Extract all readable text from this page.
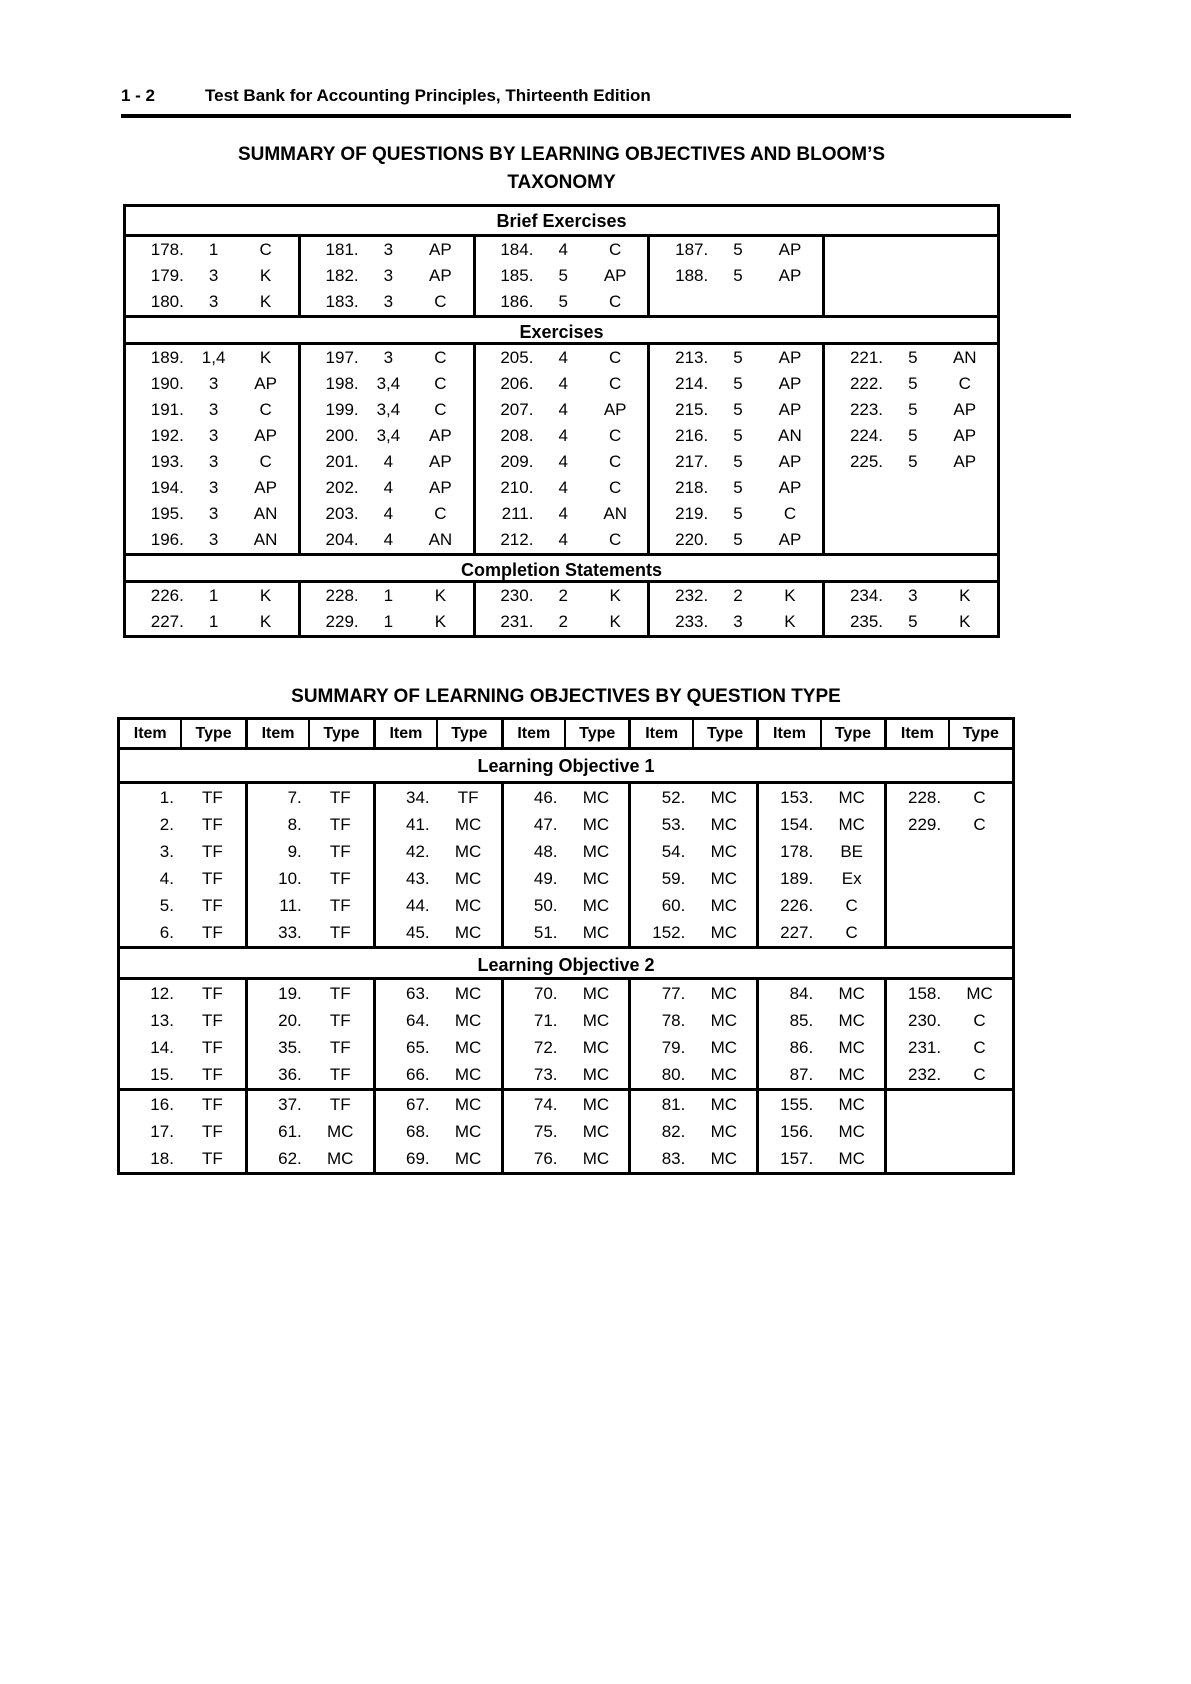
1 - 2	Test Bank for Accounting Principles, Thirteenth Edition
SUMMARY OF QUESTIONS BY LEARNING OBJECTIVES AND BLOOM’S
TAXONOMY
Brief Exercises
178.	1	C	181.	3	AP	184.	4	C	187.	5	AP
179.	3	K	182.	3	AP	185.	5	AP	188.	5	AP
180.	3	K	183.	3	C	186.	5	C
Exercises
189.	1,4	K	197.	3	C	205.	4	C	213.	5	AP	221.	5	AN
190.	3	AP	198.	3,4	C	206.	4	C	214.	5	AP	222.	5	C
191.	3	C	199.	3,4	C	207.	4	AP	215.	5	AP	223.	5	AP
192.	3	AP	200.	3,4	AP	208.	4	C	216.	5	AN	224.	5	AP
193.	3	C	201.	4	AP	209.	4	C	217.	5	AP	225.	5	AP
194.	3	AP	202.	4	AP	210.	4	C	218.	5	AP
195.	3	AN	203.	4	C	211.	4	AN	219.	5	C
196.	3	AN	204.	4	AN	212.	4	C	220.	5	AP
Completion Statements
226.	1	K	228.	1	K	230.	2	K	232.	2	K	234.	3	K
227.	1	K	229.	1	K	231.	2	K	233.	3	K	235.	5	K
SUMMARY OF LEARNING OBJECTIVES BY QUESTION TYPE
Item	Type	Item	Type	Item	Type	Item	Type	Item	Type	Item	Type	Item	Type
Learning Objective 1
1.	TF	7.	TF	34.	TF	46.	MC	52.	MC	153.	MC	228.	C
2.	TF	8.	TF	41.	MC	47.	MC	53.	MC	154.	MC	229.	C
3.	TF	9.	TF	42.	MC	48.	MC	54.	MC	178.	BE
4.	TF	10.	TF	43.	MC	49.	MC	59.	MC	189.	Ex
5.	TF	11.	TF	44.	MC	50.	MC	60.	MC	226.	C
6.	TF	33.	TF	45.	MC	51.	MC	152.	MC	227.	C
Learning Objective 2
12.	TF	19.	TF	63.	MC	70.	MC	77.	MC	84.	MC	158.	MC
13.	TF	20.	TF	64.	MC	71.	MC	78.	MC	85.	MC	230.	C
14.	TF	35.	TF	65.	MC	72.	MC	79.	MC	86.	MC	231.	C
15.	TF	36.	TF	66.	MC	73.	MC	80.	MC	87.	MC	232.	C
16.	TF	37.	TF	67.	MC	74.	MC	81.	MC	155.	MC
17.	TF	61.	MC	68.	MC	75.	MC	82.	MC	156.	MC
18.	TF	62.	MC	69.	MC	76.	MC	83.	MC	157.	MC
